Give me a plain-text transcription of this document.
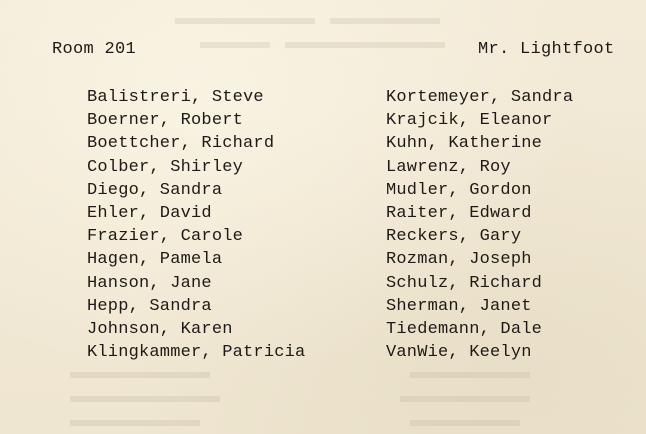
Room 201	Mr. Lightfoot
Balistreri, Steve
Boerner, Robert
Boettcher, Richard
Colber, Shirley
Diego, Sandra
Ehler, David
Frazier, Carole
Hagen, Pamela
Hanson, Jane
Hepp, Sandra
Johnson, Karen
Klingkammer, Patricia
Kortemeyer, Sandra
Krajcik, Eleanor
Kuhn, Katherine
Lawrenz, Roy
Mudler, Gordon
Raiter, Edward
Reckers, Gary
Rozman, Joseph
Schulz, Richard
Sherman, Janet
Tiedemann, Dale
VanWie, Keelyn
